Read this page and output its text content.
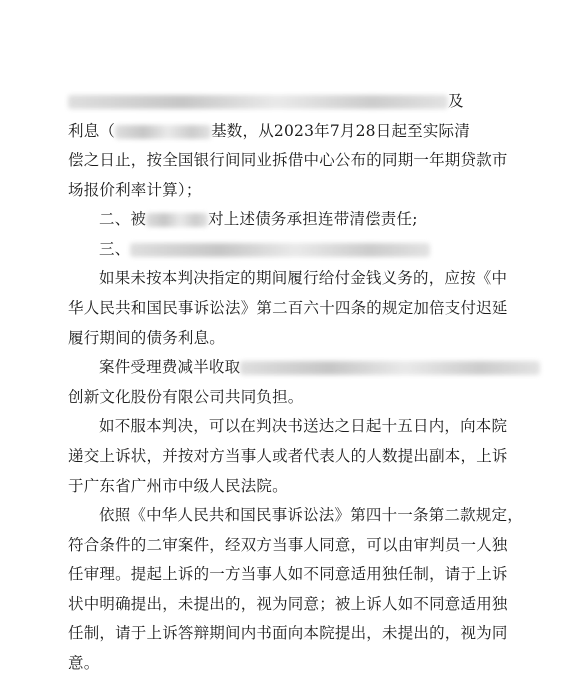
及
利息（	基数，从2023年7月28日起至实际清
偿之日止，按全国银行间同业拆借中心公布的同期一年期贷款市
场报价利率计算）；
二、被	对上述债务承担连带清偿责任;
三、
如果未按本判决指定的期间履行给付金钱义务的，应按《中
华人民共和国民事诉讼法》第二百六十四条的规定加倍支付迟延
履行期间的债务利息。
案件受理费减半收取
创新文化股份有限公司共同负担。
如不服本判决，可以在判决书送达之日起十五日内，向本院
递交上诉状，并按对方当事人或者代表人的人数提出副本，上诉
于广东省广州市中级人民法院。
依照《中华人民共和国民事诉讼法》第四十一条第二款规定，
符合条件的二审案件，经双方当事人同意，可以由审判员一人独
任审理。提起上诉的一方当事人如不同意适用独任制，请于上诉
状中明确提出，未提出的，视为同意；被上诉人如不同意适用独
任制，请于上诉答辩期间内书面向本院提出，未提出的，视为同
意。
